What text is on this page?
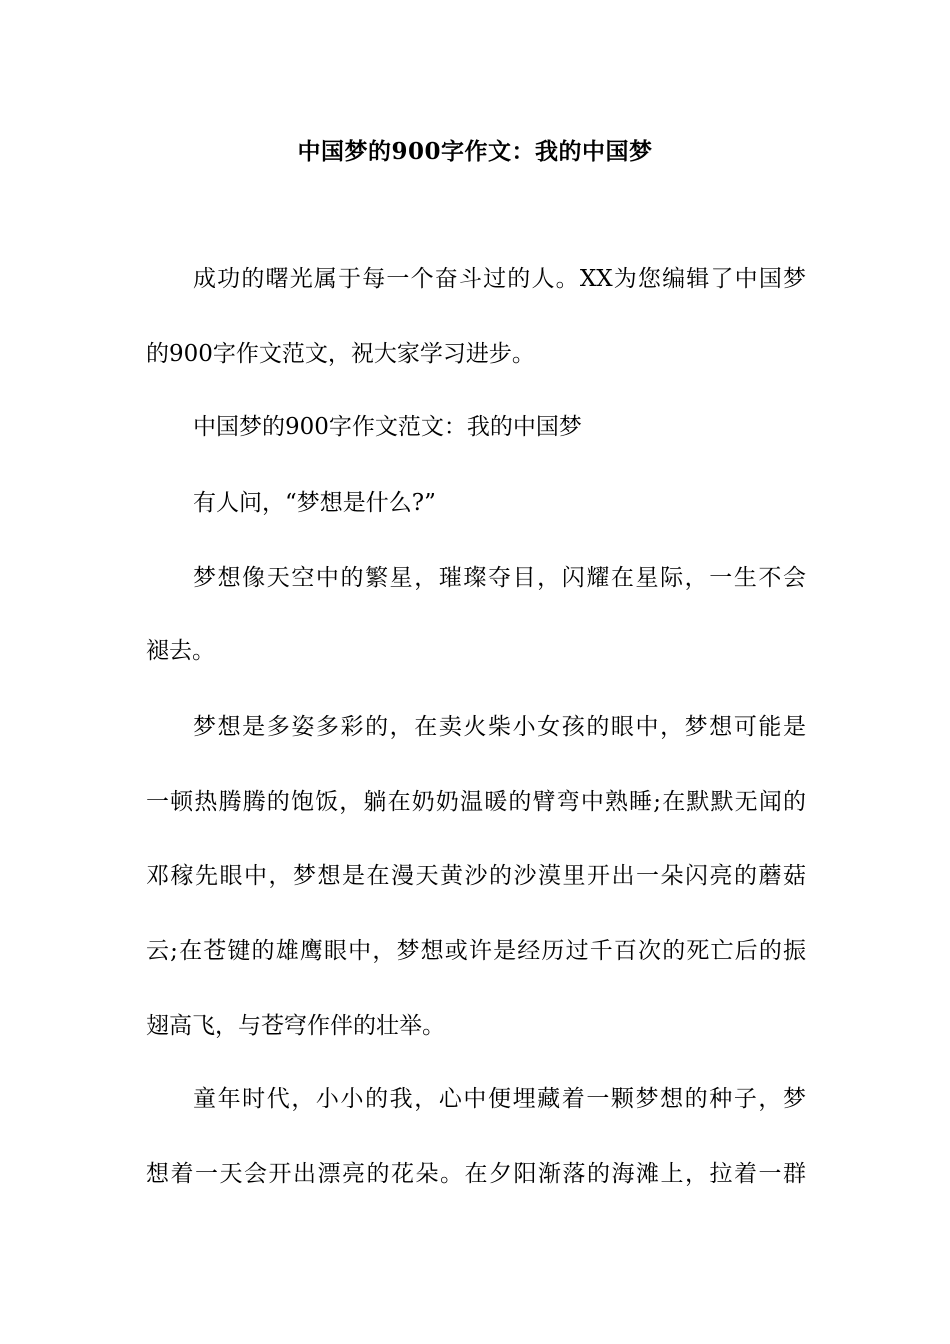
中国梦的900字作文：我的中国梦
成功的曙光属于每一个奋斗过的人。XX为您编辑了中国梦
的900字作文范文，祝大家学习进步。
中国梦的900字作文范文：我的中国梦
有人问，“梦想是什么?”
梦想像天空中的繁星，璀璨夺目，闪耀在星际，一生不会
褪去。
梦想是多姿多彩的，在卖火柴小女孩的眼中，梦想可能是
一顿热腾腾的饱饭，躺在奶奶温暖的臂弯中熟睡;在默默无闻的
邓稼先眼中，梦想是在漫天黄沙的沙漠里开出一朵闪亮的蘑菇
云;在苍键的雄鹰眼中，梦想或许是经历过千百次的死亡后的振
翅高飞，与苍穹作伴的壮举。
童年时代，小小的我，心中便埋藏着一颗梦想的种子，梦
想着一天会开出漂亮的花朵。在夕阳渐落的海滩上，拉着一群
